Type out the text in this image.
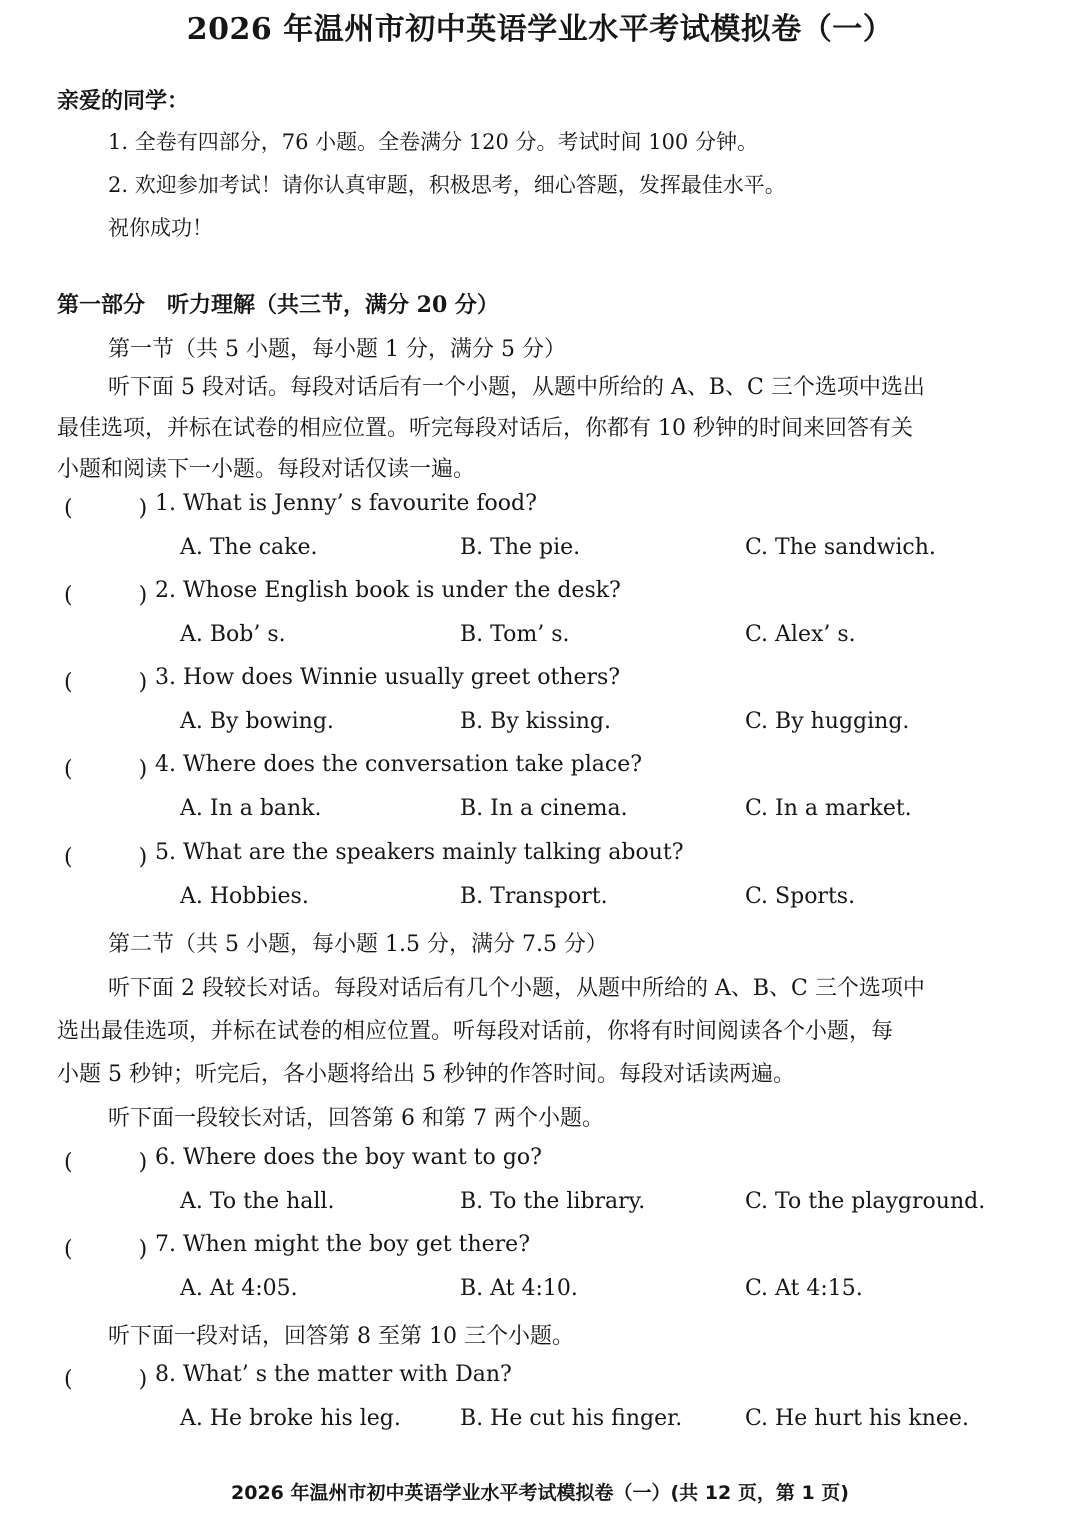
2026 年温州市初中英语学业水平考试模拟卷（一）
亲爱的同学：
1. 全卷有四部分，76 小题。全卷满分 120 分。考试时间 100 分钟。
2. 欢迎参加考试！请你认真审题，积极思考，细心答题，发挥最佳水平。
祝你成功！
第一部分　听力理解（共三节，满分 20 分）
第一节（共 5 小题，每小题 1 分，满分 5 分）
听下面 5 段对话。每段对话后有一个小题，从题中所给的 A、B、C 三个选项中选出
最佳选项，并标在试卷的相应位置。听完每段对话后，你都有 10 秒钟的时间来回答有关
小题和阅读下一小题。每段对话仅读一遍。
(　　　) 1. What is Jenny’ s favourite food?
A. The cake.	B. The pie.	C. The sandwich.
(　　　) 2. Whose English book is under the desk?
A. Bob’ s.	B. Tom’ s.	C. Alex’ s.
(　　　) 3. How does Winnie usually greet others?
A. By bowing.	B. By kissing.	C. By hugging.
(　　　) 4. Where does the conversation take place?
A. In a bank.	B. In a cinema.	C. In a market.
(　　　) 5. What are the speakers mainly talking about?
A. Hobbies.	B. Transport.	C. Sports.
第二节（共 5 小题，每小题 1.5 分，满分 7.5 分）
听下面 2 段较长对话。每段对话后有几个小题，从题中所给的 A、B、C 三个选项中
选出最佳选项，并标在试卷的相应位置。听每段对话前，你将有时间阅读各个小题，每
小题 5 秒钟；听完后，各小题将给出 5 秒钟的作答时间。每段对话读两遍。
听下面一段较长对话，回答第 6 和第 7 两个小题。
(　　　) 6. Where does the boy want to go?
A. To the hall.	B. To the library.	C. To the playground.
(　　　) 7. When might the boy get there?
A. At 4:05.	B. At 4:10.	C. At 4:15.
听下面一段对话，回答第 8 至第 10 三个小题。
(　　　) 8. What’ s the matter with Dan?
A. He broke his leg.	B. He cut his finger.	C. He hurt his knee.
2026 年温州市初中英语学业水平考试模拟卷（一）(共 12 页，第 1 页)
